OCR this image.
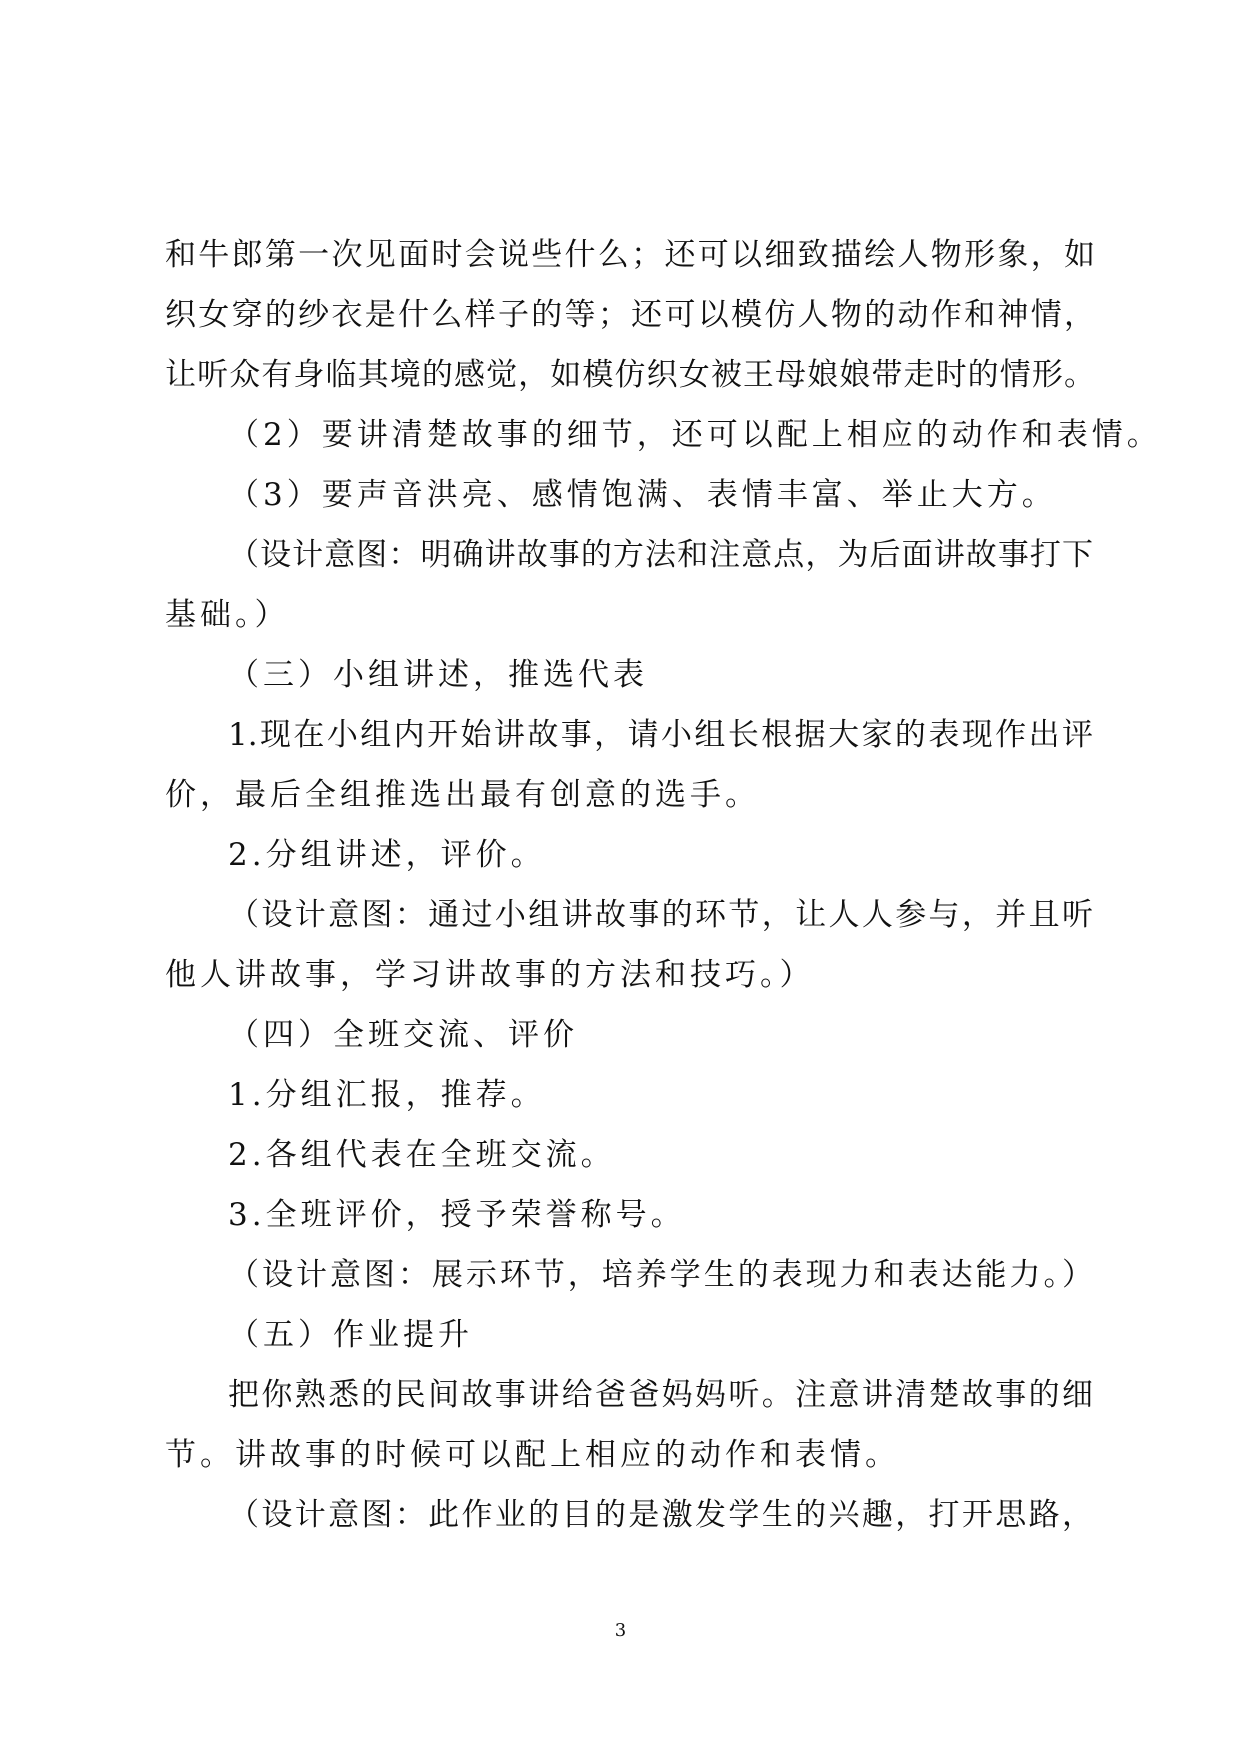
和牛郎第一次见面时会说些什么；还可以细致描绘人物形象，如
织女穿的纱衣是什么样子的等；还可以模仿人物的动作和神情，
让听众有身临其境的感觉，如模仿织女被王母娘娘带走时的情形。
（2）要讲清楚故事的细节，还可以配上相应的动作和表情。
（3）要声音洪亮、感情饱满、表情丰富、举止大方。
（设计意图：明确讲故事的方法和注意点，为后面讲故事打下
基础。）
（三）小组讲述，推选代表
1.现在小组内开始讲故事，请小组长根据大家的表现作出评
价，最后全组推选出最有创意的选手。
2.分组讲述，评价。
（设计意图：通过小组讲故事的环节，让人人参与，并且听
他人讲故事，学习讲故事的方法和技巧。）
（四）全班交流、评价
1.分组汇报，推荐。
2.各组代表在全班交流。
3.全班评价，授予荣誉称号。
（设计意图：展示环节，培养学生的表现力和表达能力。）
（五）作业提升
把你熟悉的民间故事讲给爸爸妈妈听。注意讲清楚故事的细
节。讲故事的时候可以配上相应的动作和表情。
（设计意图：此作业的目的是激发学生的兴趣，打开思路，
3
